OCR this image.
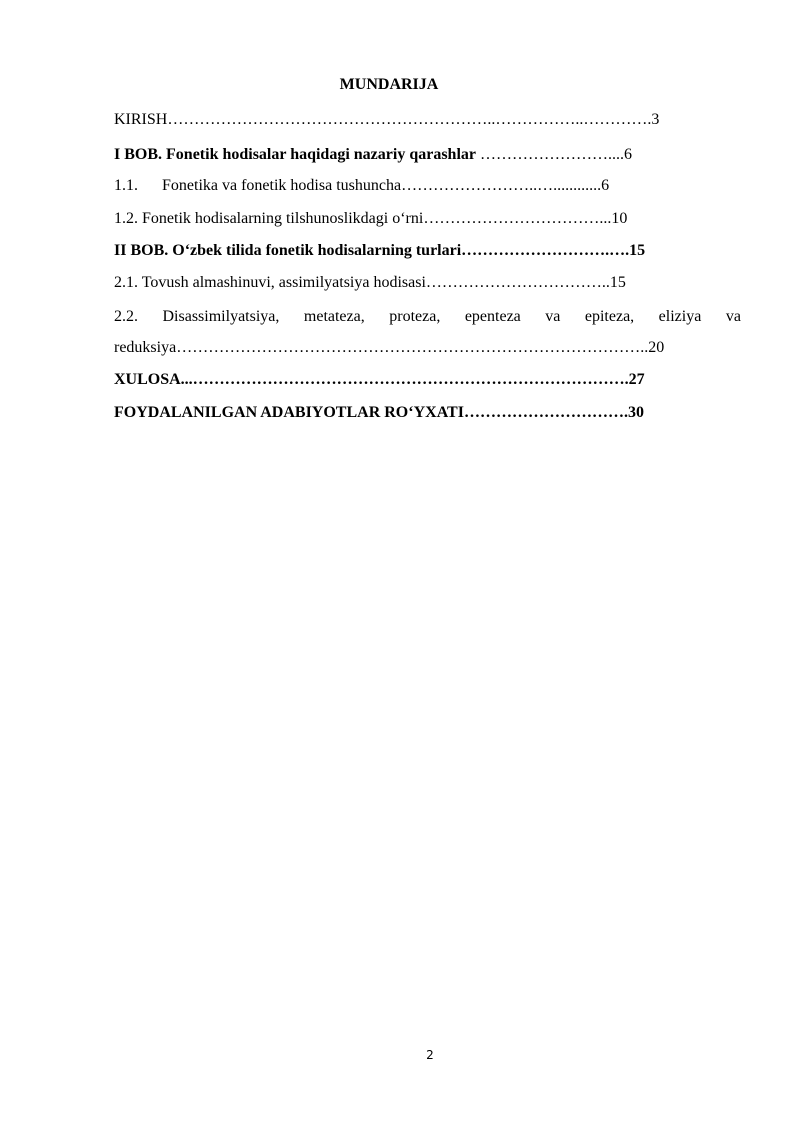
MUNDARIJA
KIRISH……………………………………………………..……………..………….3
I BOB. Fonetik hodisalar haqidagi nazariy qarashlar ……………………....6
1.1. Fonetika va fonetik hodisa tushuncha……………………..…............6
1.2. Fonetik hodisalarning tilshunoslikdagi o‘rni……………………………...10
II BOB. O‘zbek tilida fonetik hodisalarning turlari……………………….….15
2.1. Tovush almashinuvi, assimilyatsiya hodisasi……………………………..15
2.2. Disassimilyatsiya, metateza, proteza, epenteza va epiteza, eliziya va
reduksiya……………………………………………………………………………..20
XULOSA...……………………………………………………………………….27
FOYDALANILGAN ADABIYOTLAR RO‘YXATI………………………….30
2
